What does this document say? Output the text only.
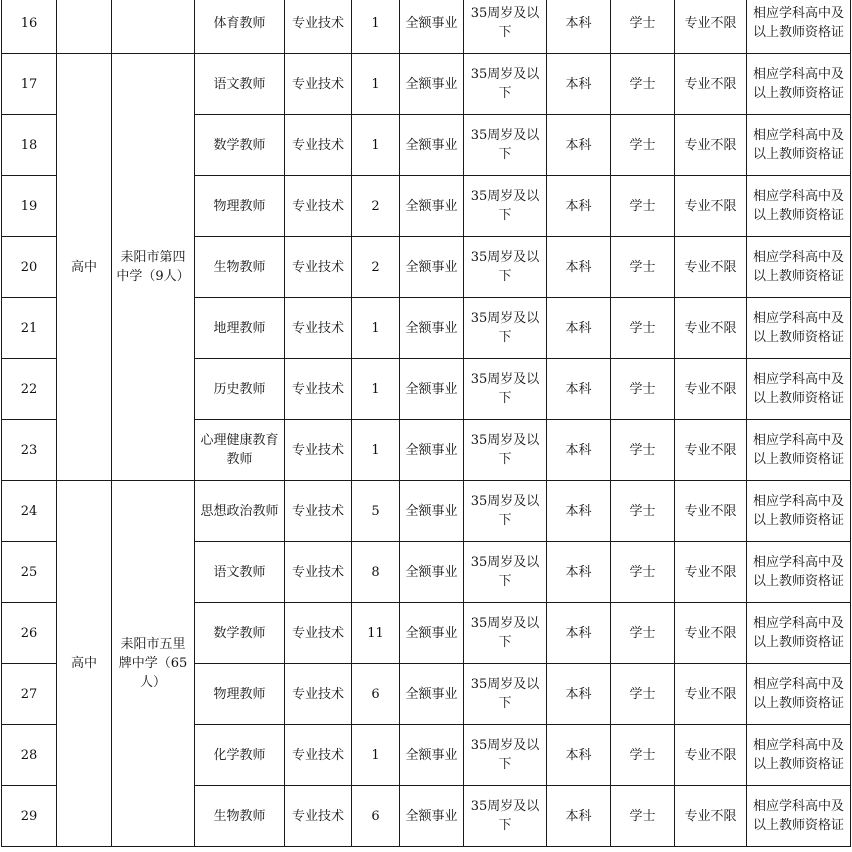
16			体育教师	专业技术	1	全额事业	35周岁及以下	本科	学士	专业不限	相应学科高中及以上教师资格证
17	高中	耒阳市第四中学（9人）	语文教师	专业技术	1	全额事业	35周岁及以下	本科	学士	专业不限	相应学科高中及以上教师资格证
18			数学教师	专业技术	1	全额事业	35周岁及以下	本科	学士	专业不限	相应学科高中及以上教师资格证
19			物理教师	专业技术	2	全额事业	35周岁及以下	本科	学士	专业不限	相应学科高中及以上教师资格证
20			生物教师	专业技术	2	全额事业	35周岁及以下	本科	学士	专业不限	相应学科高中及以上教师资格证
21			地理教师	专业技术	1	全额事业	35周岁及以下	本科	学士	专业不限	相应学科高中及以上教师资格证
22			历史教师	专业技术	1	全额事业	35周岁及以下	本科	学士	专业不限	相应学科高中及以上教师资格证
23			心理健康教育教师	专业技术	1	全额事业	35周岁及以下	本科	学士	专业不限	相应学科高中及以上教师资格证
24	高中	耒阳市五里牌中学（65人）	思想政治教师	专业技术	5	全额事业	35周岁及以下	本科	学士	专业不限	相应学科高中及以上教师资格证
25			语文教师	专业技术	8	全额事业	35周岁及以下	本科	学士	专业不限	相应学科高中及以上教师资格证
26			数学教师	专业技术	11	全额事业	35周岁及以下	本科	学士	专业不限	相应学科高中及以上教师资格证
27			物理教师	专业技术	6	全额事业	35周岁及以下	本科	学士	专业不限	相应学科高中及以上教师资格证
28			化学教师	专业技术	1	全额事业	35周岁及以下	本科	学士	专业不限	相应学科高中及以上教师资格证
29			生物教师	专业技术	6	全额事业	35周岁及以下	本科	学士	专业不限	相应学科高中及以上教师资格证
